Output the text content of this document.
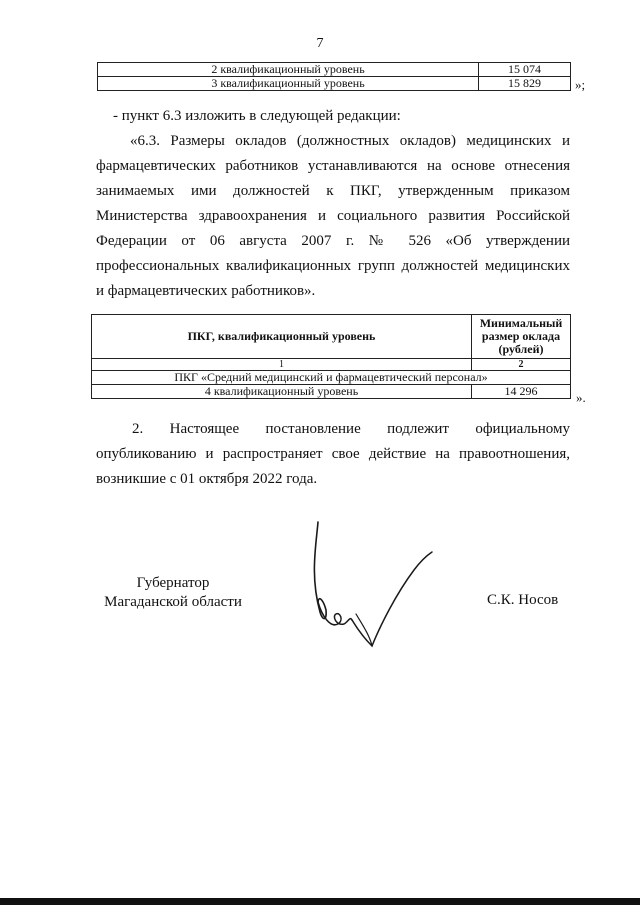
7
2 квалификационный уровень	15 074
3 квалификационный уровень	15 829	»;

- пункт 6.3 изложить в следующей редакции:

«6.3. Размеры окладов (должностных окладов) медицинских и фармацевтических работников устанавливаются на основе отнесения занимаемых ими должностей к ПКГ, утвержденным приказом Министерства здравоохранения и социального развития Российской Федерации от 06 августа 2007 г. № 526 «Об утверждении профессиональных квалификационных групп должностей медицинских

и фармацевтических работников».

ПКГ, квалификационный уровень	Минимальный размер оклада (рублей)
1	2
ПКГ «Средний медицинский и фармацевтический персонал»	
4 квалификационный уровень	14 296	».

2. Настоящее постановление подлежит официальному опубликованию и распространяет свое действие на правоотношения, возникшие с 01 октября 2022 года.

Губернатор
Магаданской области	С.К. Носов
